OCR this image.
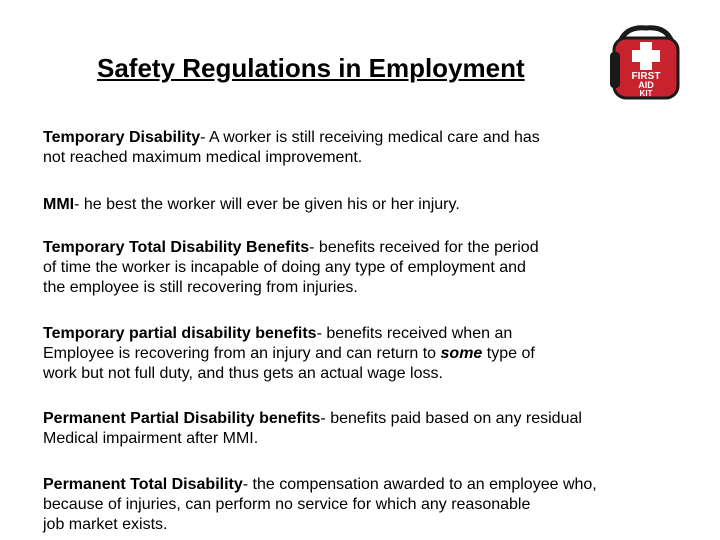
Safety Regulations in Employment	FIRST
AID
KIT

Temporary Disability- A worker is still receiving medical care and has
not reached maximum medical improvement.

MMI- he best the worker will ever be given his or her injury.

Temporary Total Disability Benefits- benefits received for the period
of time the worker is incapable of doing any type of employment and
the employee is still recovering from injuries.

Temporary partial disability benefits- benefits received when an
Employee is recovering from an injury and can return to some type of
work but not full duty, and thus gets an actual wage loss.

Permanent Partial Disability benefits- benefits paid based on any residual
Medical impairment after MMI.

Permanent Total Disability- the compensation awarded to an employee who,
because of injuries, can perform no service for which any reasonable
job market exists.
